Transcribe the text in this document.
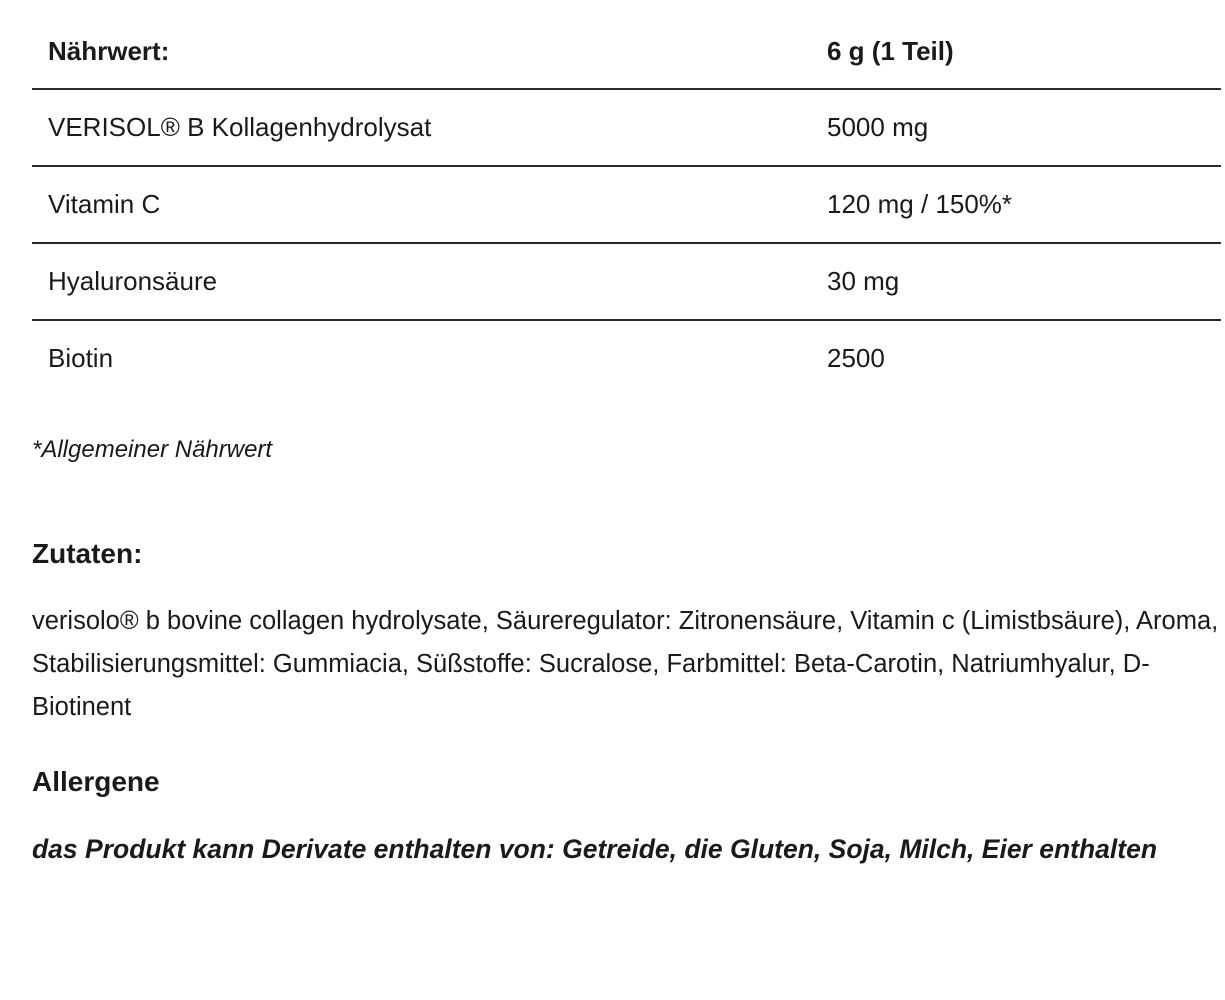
Nährwert:	6 g (1 Teil)
VERISOL® B Kollagenhydrolysat	5000 mg
Vitamin C	120 mg / 150%*
Hyaluronsäure	30 mg
Biotin	2500

*Allgemeiner Nährwert

Zutaten:

verisolo® b bovine collagen hydrolysate, Säureregulator: Zitronensäure, Vitamin c (Limistbsäure), Aroma, Stabilisierungsmittel: Gummiacia, Süßstoffe: Sucralose, Farbmittel: Beta-Carotin, Natriumhyalur, D-Biotinent

Allergene

das Produkt kann Derivate enthalten von: Getreide, die Gluten, Soja, Milch, Eier enthalten
